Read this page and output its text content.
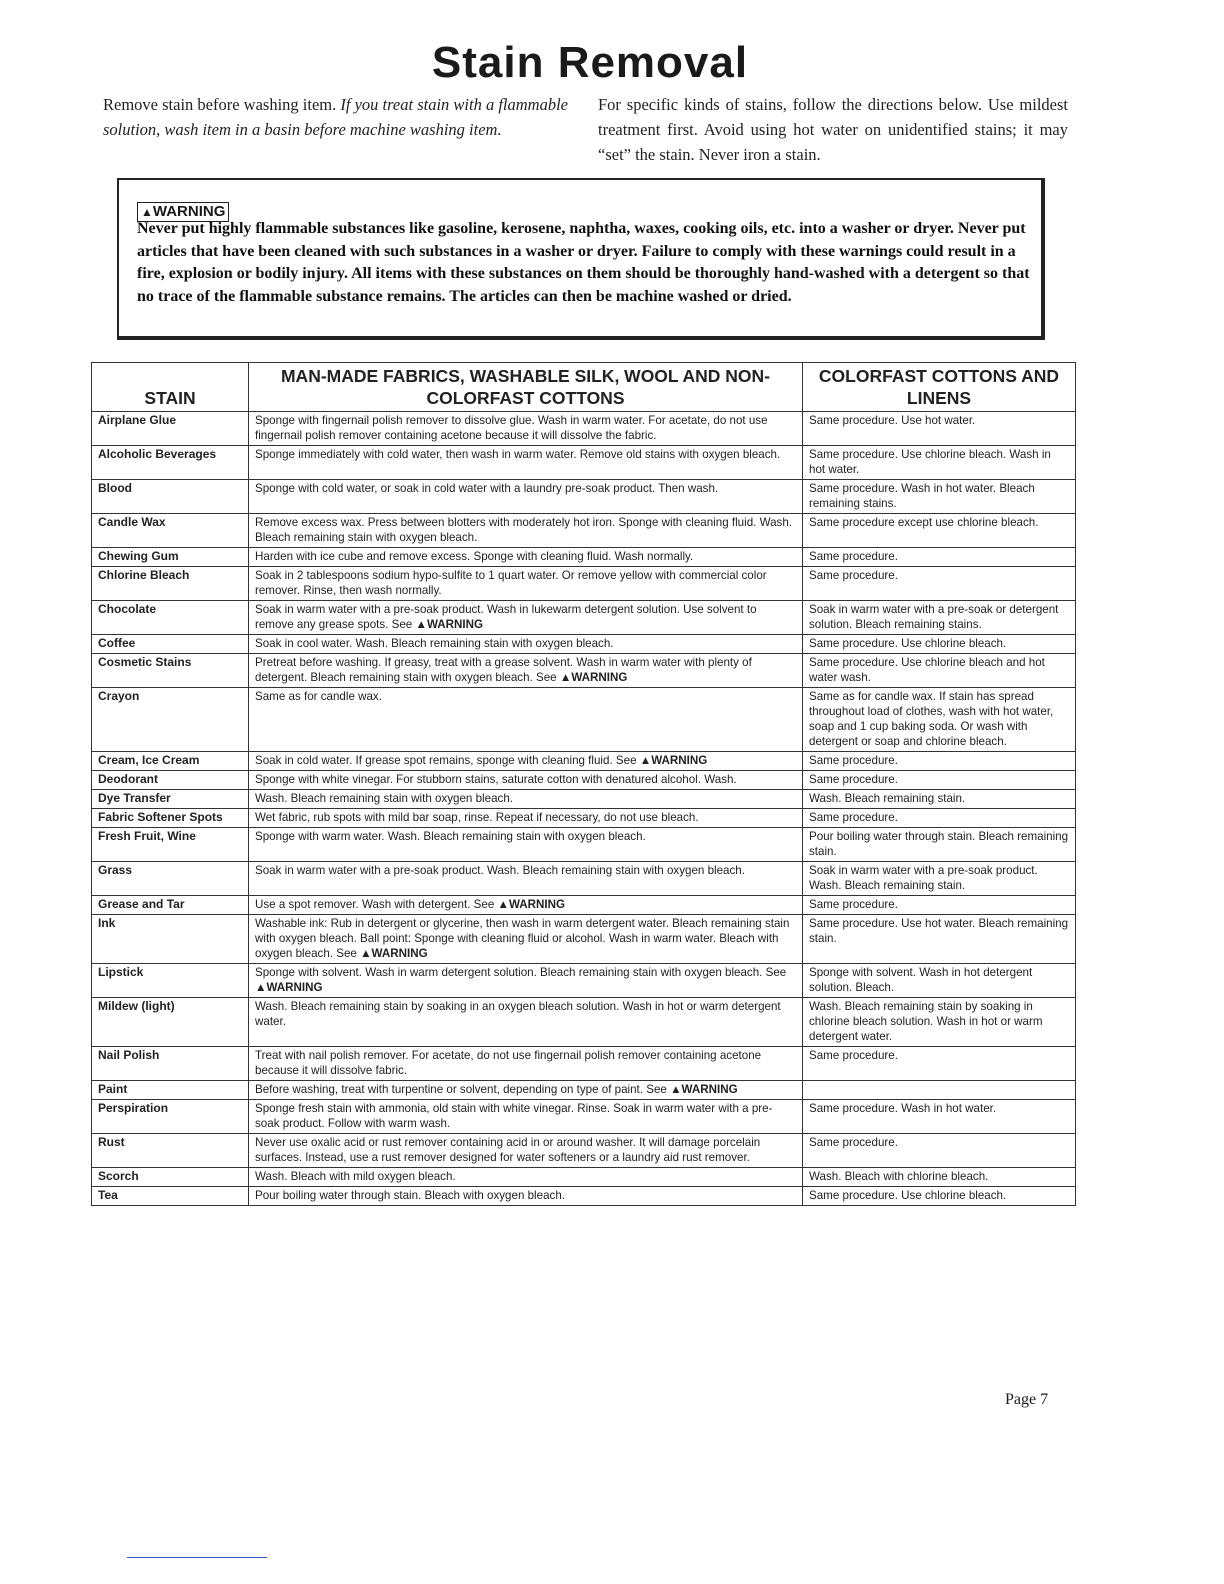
Stain Removal
Remove stain before washing item. If you treat stain with a flammable solution, wash item in a basin before machine washing item.
For specific kinds of stains, follow the directions below. Use mildest treatment first. Avoid using hot water on unidentified stains; it may “set” the stain. Never iron a stain.
▲WARNING
Never put highly flammable substances like gasoline, kerosene, naphtha, waxes, cooking oils, etc. into a washer or dryer. Never put articles that have been cleaned with such substances in a washer or dryer. Failure to comply with these warnings could result in a fire, explosion or bodily injury. All items with these substances on them should be thoroughly hand-washed with a detergent so that no trace of the flammable substance remains. The articles can then be machine washed or dried.
STAIN	MAN-MADE FABRICS, WASHABLE SILK, WOOL AND NON-COLORFAST COTTONS	COLORFAST COTTONS AND LINENS
Airplane Glue	Sponge with fingernail polish remover to dissolve glue. Wash in warm water. For acetate, do not use fingernail polish remover containing acetone because it will dissolve the fabric.	Same procedure. Use hot water.
Alcoholic Beverages	Sponge immediately with cold water, then wash in warm water. Remove old stains with oxygen bleach.	Same procedure. Use chlorine bleach. Wash in hot water.
Blood	Sponge with cold water, or soak in cold water with a laundry pre-soak product. Then wash.	Same procedure. Wash in hot water. Bleach remaining stains.
Candle Wax	Remove excess wax. Press between blotters with moderately hot iron. Sponge with cleaning fluid. Wash. Bleach remaining stain with oxygen bleach.	Same procedure except use chlorine bleach.
Chewing Gum	Harden with ice cube and remove excess. Sponge with cleaning fluid. Wash normally.	Same procedure.
Chlorine Bleach	Soak in 2 tablespoons sodium hypo-sulfite to 1 quart water. Or remove yellow with commercial color remover. Rinse, then wash normally.	Same procedure.
Chocolate	Soak in warm water with a pre-soak product. Wash in lukewarm detergent solution. Use solvent to remove any grease spots. See ▲WARNING	Soak in warm water with a pre-soak or detergent solution. Bleach remaining stains.
Coffee	Soak in cool water. Wash. Bleach remaining stain with oxygen bleach.	Same procedure. Use chlorine bleach.
Cosmetic Stains	Pretreat before washing. If greasy, treat with a grease solvent. Wash in warm water with plenty of detergent. Bleach remaining stain with oxygen bleach. See ▲WARNING	Same procedure. Use chlorine bleach and hot water wash.
Crayon	Same as for candle wax.	Same as for candle wax. If stain has spread throughout load of clothes, wash with hot water, soap and 1 cup baking soda. Or wash with detergent or soap and chlorine bleach.
Cream, Ice Cream	Soak in cold water. If grease spot remains, sponge with cleaning fluid. See ▲WARNING	Same procedure.
Deodorant	Sponge with white vinegar. For stubborn stains, saturate cotton with denatured alcohol. Wash.	Same procedure.
Dye Transfer	Wash. Bleach remaining stain with oxygen bleach.	Wash. Bleach remaining stain.
Fabric Softener Spots	Wet fabric, rub spots with mild bar soap, rinse. Repeat if necessary, do not use bleach.	Same procedure.
Fresh Fruit, Wine	Sponge with warm water. Wash. Bleach remaining stain with oxygen bleach.	Pour boiling water through stain. Bleach remaining stain.
Grass	Soak in warm water with a pre-soak product. Wash. Bleach remaining stain with oxygen bleach.	Soak in warm water with a pre-soak product. Wash. Bleach remaining stain.
Grease and Tar	Use a spot remover. Wash with detergent. See ▲WARNING	Same procedure.
Ink	Washable ink: Rub in detergent or glycerine, then wash in warm detergent water. Bleach remaining stain with oxygen bleach. Ball point: Sponge with cleaning fluid or alcohol. Wash in warm water. Bleach with oxygen bleach. See ▲WARNING	Same procedure. Use hot water. Bleach remaining stain.
Lipstick	Sponge with solvent. Wash in warm detergent solution. Bleach remaining stain with oxygen bleach. See ▲WARNING	Sponge with solvent. Wash in hot detergent solution. Bleach.
Mildew (light)	Wash. Bleach remaining stain by soaking in an oxygen bleach solution. Wash in hot or warm detergent water.	Wash. Bleach remaining stain by soaking in chlorine bleach solution. Wash in hot or warm detergent water.
Nail Polish	Treat with nail polish remover. For acetate, do not use fingernail polish remover containing acetone because it will dissolve fabric.	Same procedure.
Paint	Before washing, treat with turpentine or solvent, depending on type of paint. See ▲WARNING	
Perspiration	Sponge fresh stain with ammonia, old stain with white vinegar. Rinse. Soak in warm water with a pre-soak product. Follow with warm wash.	Same procedure. Wash in hot water.
Rust	Never use oxalic acid or rust remover containing acid in or around washer. It will damage porcelain surfaces. Instead, use a rust remover designed for water softeners or a laundry aid rust remover.	Same procedure.
Scorch	Wash. Bleach with mild oxygen bleach.	Wash. Bleach with chlorine bleach.
Tea	Pour boiling water through stain. Bleach with oxygen bleach.	Same procedure. Use chlorine bleach.
Page 7
